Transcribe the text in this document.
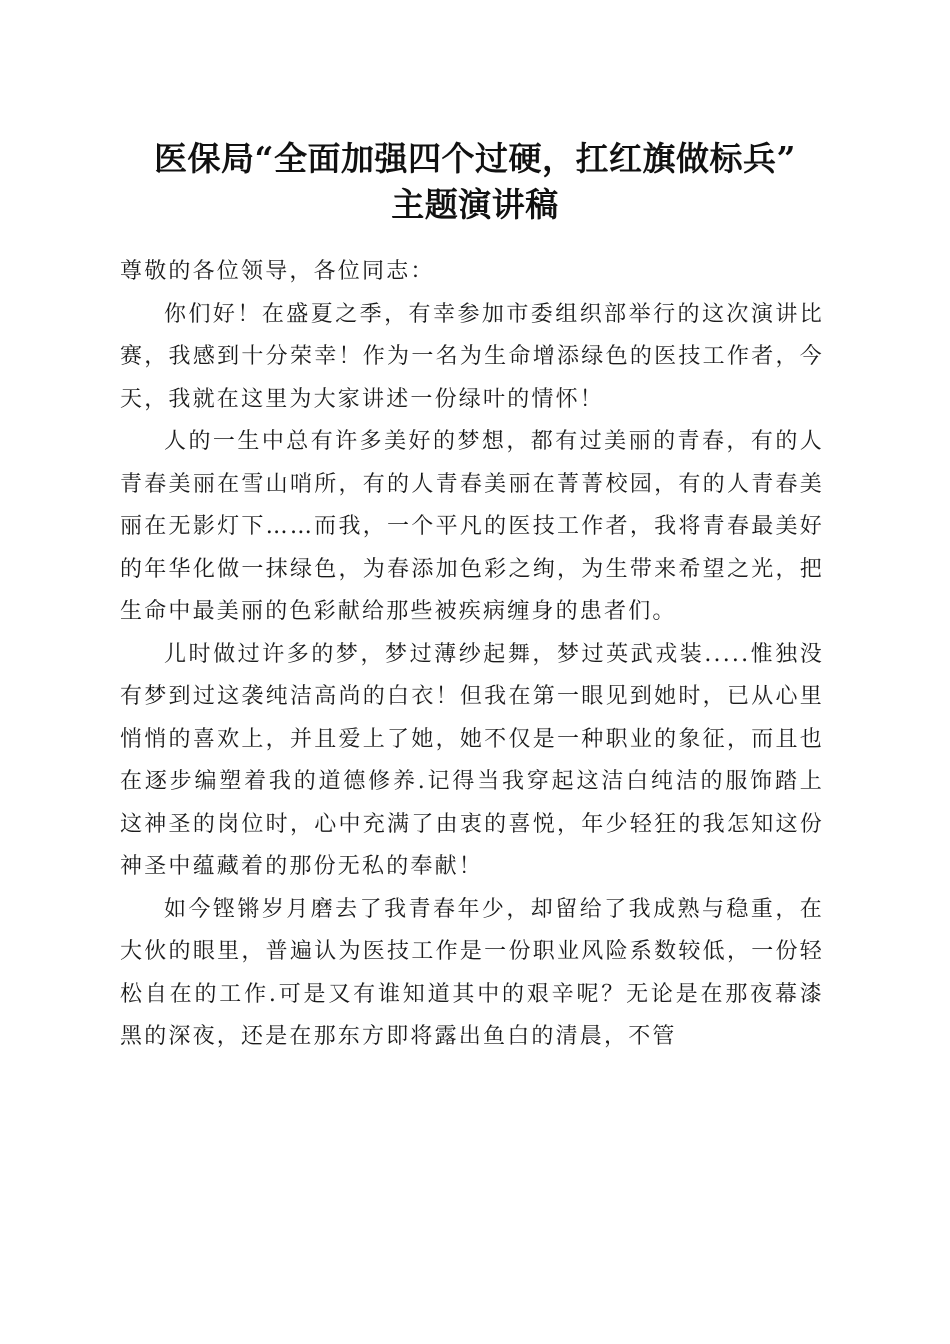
医保局“全面加强四个过硬，扛红旗做标兵”
主题演讲稿

尊敬的各位领导，各位同志：

你们好！在盛夏之季，有幸参加市委组织部举行的这次演讲比赛，我感到十分荣幸！作为一名为生命增添绿色的医技工作者，今天，我就在这里为大家讲述一份绿叶的情怀！

人的一生中总有许多美好的梦想，都有过美丽的青春，有的人青春美丽在雪山哨所，有的人青春美丽在菁菁校园，有的人青春美丽在无影灯下……而我，一个平凡的医技工作者，我将青春最美好的年华化做一抹绿色，为春添加色彩之绚，为生带来希望之光，把生命中最美丽的色彩献给那些被疾病缠身的患者们。

儿时做过许多的梦，梦过薄纱起舞，梦过英武戎装.....惟独没有梦到过这袭纯洁高尚的白衣！但我在第一眼见到她时，已从心里悄悄的喜欢上，并且爱上了她，她不仅是一种职业的象征，而且也在逐步编塑着我的道德修养.记得当我穿起这洁白纯洁的服饰踏上这神圣的岗位时，心中充满了由衷的喜悦，年少轻狂的我怎知这份神圣中蕴藏着的那份无私的奉献！

如今铿锵岁月磨去了我青春年少，却留给了我成熟与稳重，在大伙的眼里，普遍认为医技工作是一份职业风险系数较低，一份轻松自在的工作.可是又有谁知道其中的艰辛呢？无论是在那夜幕漆黑的深夜，还是在那东方即将露出鱼白的清晨，不管
